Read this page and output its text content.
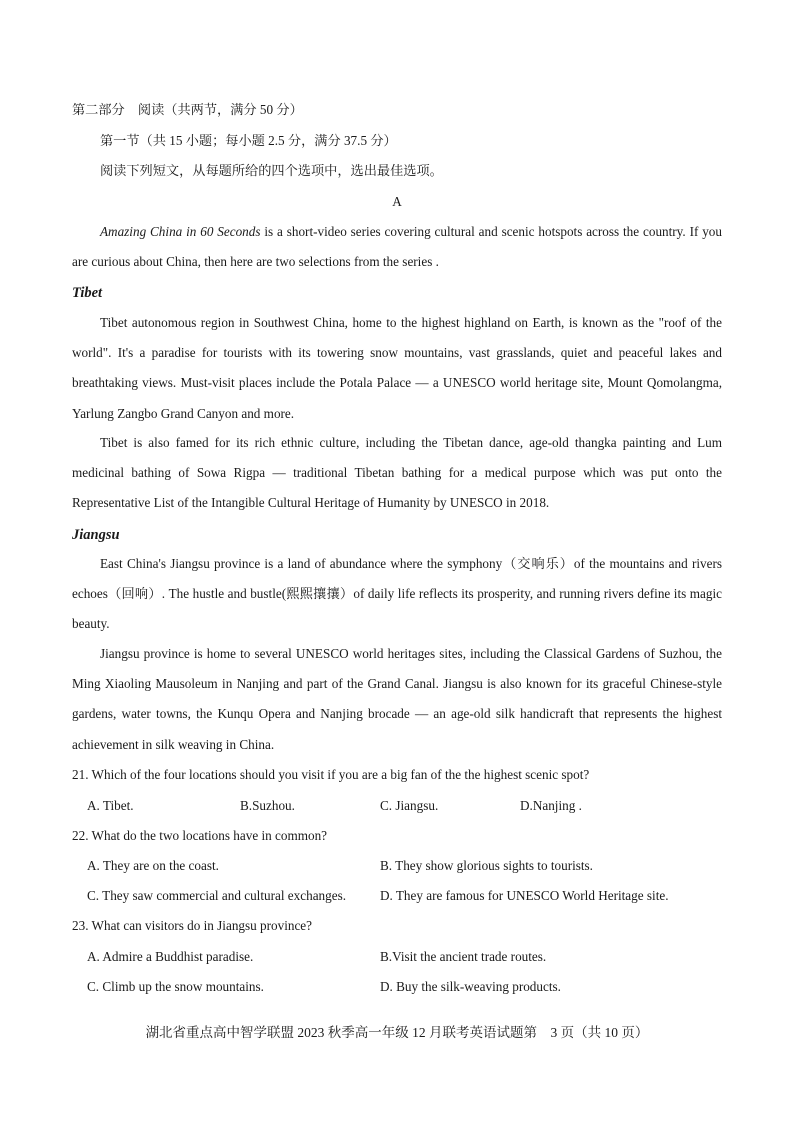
第二部分　阅读（共两节，满分 50 分）
第一节（共 15 小题；每小题 2.5 分，满分 37.5 分）
阅读下列短文，从每题所给的四个选项中，选出最佳选项。
A
Amazing China in 60 Seconds is a short-video series covering cultural and scenic hotspots across the country. If you are curious about China, then here are two selections from the series .
Tibet
Tibet autonomous region in Southwest China, home to the highest highland on Earth, is known as the "roof of the world". It's a paradise for tourists with its towering snow mountains, vast grasslands, quiet and peaceful lakes and breathtaking views. Must-visit places include the Potala Palace — a UNESCO world heritage site, Mount Qomolangma, Yarlung Zangbo Grand Canyon and more.
Tibet is also famed for its rich ethnic culture, including the Tibetan dance, age-old thangka painting and Lum medicinal bathing of Sowa Rigpa — traditional Tibetan bathing for a medical purpose which was put onto the Representative List of the Intangible Cultural Heritage of Humanity by UNESCO in 2018.
Jiangsu
East China's Jiangsu province is a land of abundance where the symphony（交响乐）of the mountains and rivers echoes（回响）. The hustle and bustle(熙熙攘攘）of daily life reflects its prosperity, and running rivers define its magic beauty.
Jiangsu province is home to several UNESCO world heritages sites, including the Classical Gardens of Suzhou, the Ming Xiaoling Mausoleum in Nanjing and part of the Grand Canal. Jiangsu is also known for its graceful Chinese-style gardens, water towns, the Kunqu Opera and Nanjing brocade — an age-old silk handicraft that represents the highest achievement in silk weaving in China.
21. Which of the four locations should you visit if you are a big fan of the the highest scenic spot?
A. Tibet.	B.Suzhou.	C. Jiangsu.	D.Nanjing .
22. What do the two locations have in common?
A. They are on the coast.	B. They show glorious sights to tourists.
C. They saw commercial and cultural exchanges.	D. They are famous for UNESCO World Heritage site.
23. What can visitors do in Jiangsu province?
A. Admire a Buddhist paradise.	B.Visit the ancient trade routes.
C. Climb up the snow mountains.	D. Buy the silk-weaving products.
湖北省重点高中智学联盟 2023 秋季高一年级 12 月联考英语试题第　3 页（共 10 页）
